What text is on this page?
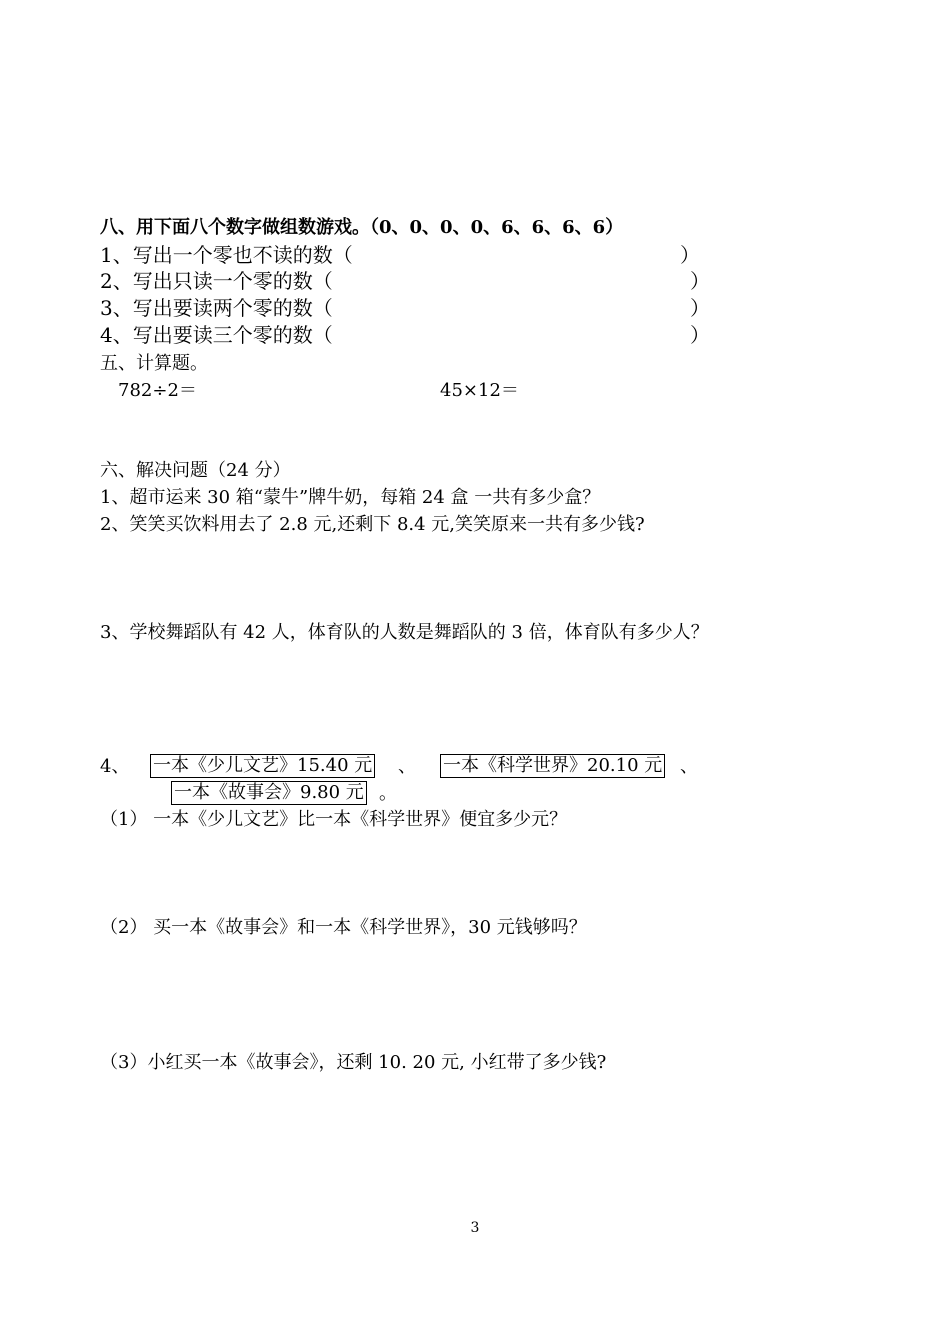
八、用下面八个数字做组数游戏。（0、0、0、0、6、6、6、6）
1、写出一个零也不读的数（	）
2、写出只读一个零的数（	）
3、写出要读两个零的数（	）
4、写出要读三个零的数（	）
五、计算题。
782÷2＝	45×12＝
六、解决问题（24 分）
1、超市运来 30 箱“蒙牛”牌牛奶，每箱 24 盒 一共有多少盒？
2、笑笑买饮料用去了 2.8 元,还剩下 8.4 元,笑笑原来一共有多少钱?
3、学校舞蹈队有 42 人，体育队的人数是舞蹈队的 3 倍，体育队有多少人？
4、 一本《少儿文艺》15.40 元 、 一本《科学世界》20.10 元 、
一本《故事会》9.80 元 。
（1） 一本《少儿文艺》比一本《科学世界》便宜多少元？
（2） 买一本《故事会》和一本《科学世界》，30 元钱够吗？
（3）小红买一本《故事会》，还剩 10. 20 元, 小红带了多少钱?
3
